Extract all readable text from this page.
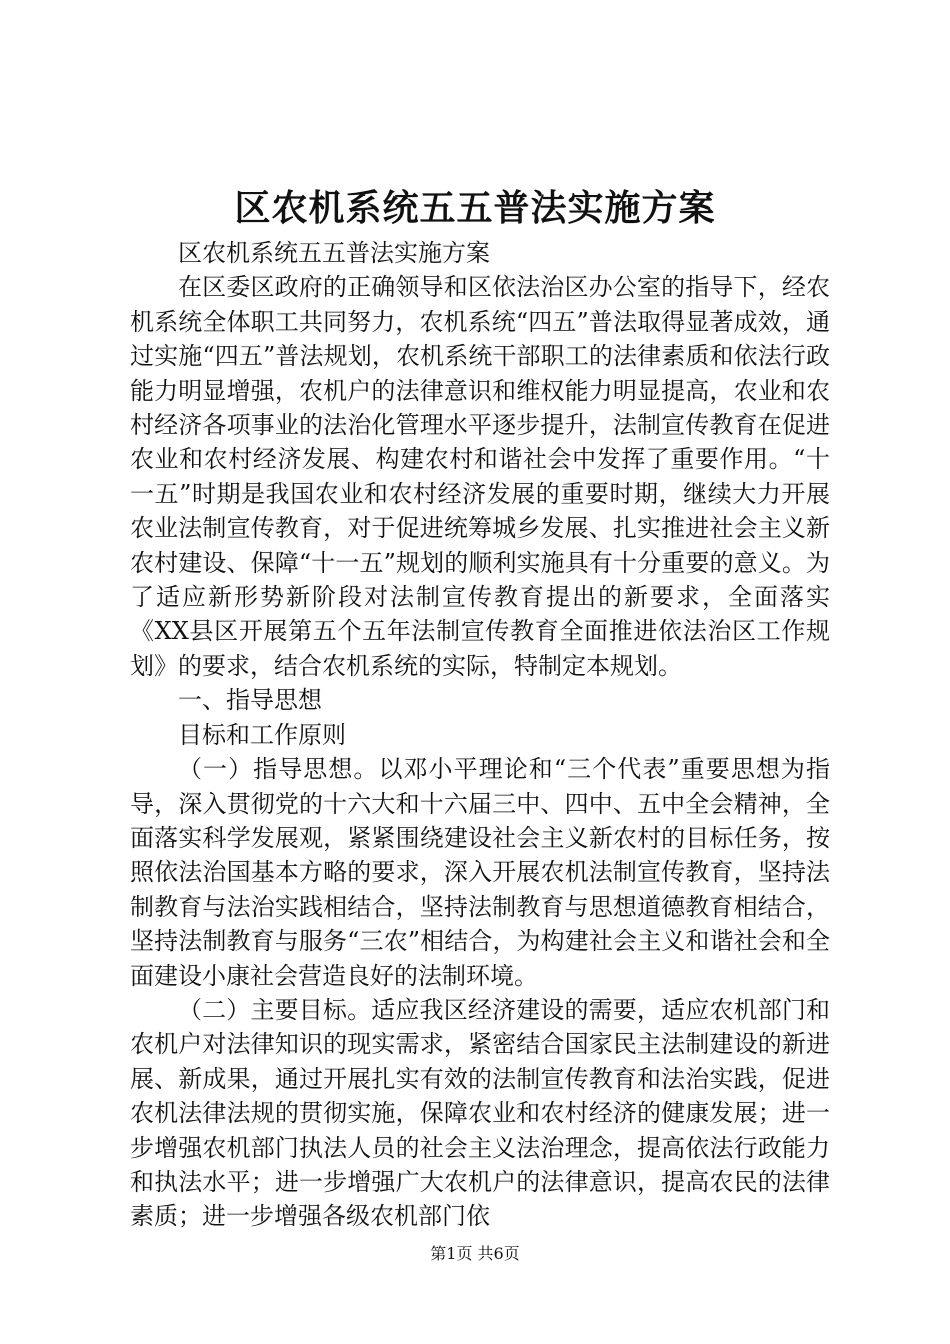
区农机系统五五普法实施方案

区农机系统五五普法实施方案

在区委区政府的正确领导和区依法治区办公室的指导下，经农机系统全体职工共同努力，农机系统“四五”普法取得显著成效，通过实施“四五”普法规划，农机系统干部职工的法律素质和依法行政能力明显增强，农机户的法律意识和维权能力明显提高，农业和农村经济各项事业的法治化管理水平逐步提升，法制宣传教育在促进农业和农村经济发展、构建农村和谐社会中发挥了重要作用。“十一五”时期是我国农业和农村经济发展的重要时期，继续大力开展农业法制宣传教育，对于促进统筹城乡发展、扎实推进社会主义新农村建设、保障“十一五”规划的顺利实施具有十分重要的意义。为了适应新形势新阶段对法制宣传教育提出的新要求，全面落实《XX县区开展第五个五年法制宣传教育全面推进依法治区工作规划》的要求，结合农机系统的实际，特制定本规划。

一、指导思想

目标和工作原则

（一）指导思想。以邓小平理论和“三个代表”重要思想为指导，深入贯彻党的十六大和十六届三中、四中、五中全会精神，全面落实科学发展观，紧紧围绕建设社会主义新农村的目标任务，按照依法治国基本方略的要求，深入开展农机法制宣传教育，坚持法制教育与法治实践相结合，坚持法制教育与思想道德教育相结合，坚持法制教育与服务“三农”相结合，为构建社会主义和谐社会和全面建设小康社会营造良好的法制环境。

（二）主要目标。适应我区经济建设的需要，适应农机部门和农机户对法律知识的现实需求，紧密结合国家民主法制建设的新进展、新成果，通过开展扎实有效的法制宣传教育和法治实践，促进农机法律法规的贯彻实施，保障农业和农村经济的健康发展；进一步增强农机部门执法人员的社会主义法治理念，提高依法行政能力和执法水平；进一步增强广大农机户的法律意识，提高农民的法律素质；进一步增强各级农机部门依

第1页 共6页
